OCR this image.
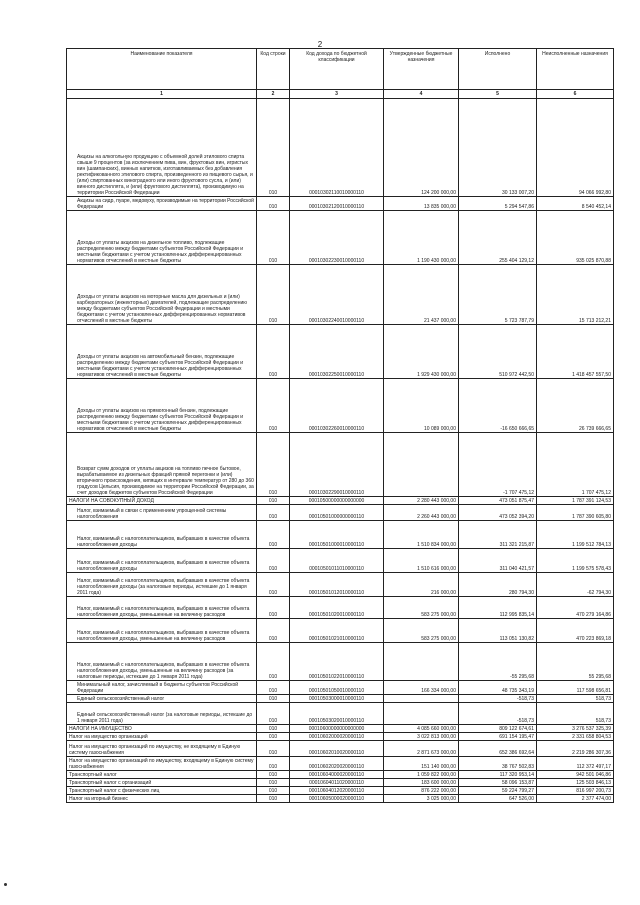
2
Наименование показателя	Код строки	Код дохода по бюджетной классификации	Утвержденные бюджетные назначения	Исполнено	Неисполненные назначения
1	2	3	4	5	6
Акцизы на алкогольную продукцию с объемной долей этилового спирта свыше 9 процентов (за исключением пива, вин, фруктовых вин, игристых вин (шампанских), винных напитков, изготавливаемых без добавления ректификованного этилового спирта, произведенного из пищевого сырья, и (или) спиртованных виноградного или иного фруктового сусла, и (или) винного дистиллята, и (или) фруктового дистиллята), производимую на территории Российской Федерации	010	00010302110010000110	124 200 000,00	30 133 007,20	94 066 992,80
Акцизы на сидр, пуаре, медовуху, производимые на территории Российской Федерации	010	00010302120010000110	13 835 000,00	5 294 547,86	8 540 452,14
Доходы от уплаты акцизов на дизельное топливо, подлежащие распределению между бюджетами субъектов Российской Федерации и местными бюджетами с учетом установленных дифференцированных нормативов отчислений в местные бюджеты	010	00010302230010000110	1 190 430 000,00	255 404 129,12	935 025 870,88
Доходы от уплаты акцизов на моторные масла для дизельных и (или) карбюраторных (инжекторных) двигателей, подлежащие распределению между бюджетами субъектов Российской Федерации и местными бюджетами с учетом установленных дифференцированных нормативов отчислений в местные бюджеты	010	00010302240010000110	21 437 000,00	5 723 787,79	15 713 212,21
Доходы от уплаты акцизов на автомобильный бензин, подлежащие распределению между бюджетами субъектов Российской Федерации и местными бюджетами с учетом установленных дифференцированных нормативов отчислений в местные бюджеты	010	00010302250010000110	1 929 430 000,00	510 972 442,50	1 418 457 557,50
Доходы от уплаты акцизов на прямогонный бензин, подлежащие распределению между бюджетами субъектов Российской Федерации и местными бюджетами с учетом установленных дифференцированных нормативов отчислений в местные бюджеты	010	00010302260010000110	10 089 000,00	-16 650 666,65	26 739 666,65
Возврат сумм доходов от уплаты акцизов на топливо печное бытовое, вырабатываемое из дизельных фракций прямой перегонки и (или) вторичного происхождения, кипящих в интервале температур от 280 до 360 градусов Цельсия, производимое на территории Российской Федерации, за счет доходов бюджетов субъектов Российской Федерации	010	00010302290010000110		-1 707 475,12	1 707 475,12
НАЛОГИ НА СОВОКУПНЫЙ ДОХОД	010	00010500000000000000	2 280 443 000,00	473 051 875,47	1 787 391 124,53
Налог, взимаемый в связи с применением упрощенной системы налогообложения	010	00010501000000000110	2 260 443 000,00	473 052 394,20	1 787 390 605,80
Налог, взимаемый с налогоплательщиков, выбравших в качестве объекта налогообложения доходы	010	00010501000010000110	1 510 834 000,00	311 321 215,87	1 199 512 784,13
Налог, взимаемый с налогоплательщиков, выбравших в качестве объекта налогообложения доходы	010	00010501011010000110	1 510 616 000,00	311 040 421,57	1 199 575 578,43
Налог, взимаемый с налогоплательщиков, выбравших в качестве объекта налогообложения доходы (за налоговые периоды, истекшие до 1 января 2011 года)	010	00010501012010000110	216 000,00	280 794,30	-62 794,30
Налог, взимаемый с налогоплательщиков, выбравших в качестве объекта налогообложения доходы, уменьшенные на величину расходов	010	00010501020010000110	583 275 000,00	112 995 835,14	470 279 164,86
Налог, взимаемый с налогоплательщиков, выбравших в качестве объекта налогообложения доходы, уменьшенные на величину расходов	010	00010501021010000110	583 275 000,00	113 051 130,82	470 223 869,18
Налог, взимаемый с налогоплательщиков, выбравших в качестве объекта налогообложения доходы, уменьшенные на величину расходов (за налоговые периоды, истекшие до 1 января 2011 года)	010	00010501022010000110		-55 295,68	55 295,68
Минимальный налог, зачисляемый в бюджеты субъектов Российской Федерации	010	00010501050010000110	166 334 000,00	48 735 343,19	117 598 656,81
Единый сельскохозяйственный налог	010	00010503000010000110		-518,73	518,73
Единый сельскохозяйственный налог (за налоговые периоды, истекшие до 1 января 2011 года)	010	00010503020010000110		-518,73	518,73
НАЛОГИ НА ИМУЩЕСТВО	010	00010600000000000000	4 085 660 000,00	809 122 674,61	3 276 537 325,39
Налог на имущество организаций	010	00010602000020000110	3 022 813 000,00	691 154 195,47	2 331 658 804,53
Налог на имущество организаций по имуществу, не входящему в Единую систему газоснабжения	010	00010602010020000110	2 871 673 000,00	652 386 692,64	2 219 286 307,36
Налог на имущество организаций по имуществу, входящему в Единую систему газоснабжения	010	00010602020020000110	151 140 000,00	38 767 502,83	112 372 497,17
Транспортный налог	010	00010604000020000110	1 059 822 000,00	117 320 953,14	942 501 046,86
Транспортный налог с организаций	010	00010604011020000110	183 600 000,00	58 096 153,87	125 503 846,13
Транспортный налог с физических лиц	010	00010604012020000110	876 222 000,00	59 224 799,27	816 997 200,73
Налог на игорный бизнес	010	00010605000020000110	3 025 000,00	647 526,00	2 377 474,00
